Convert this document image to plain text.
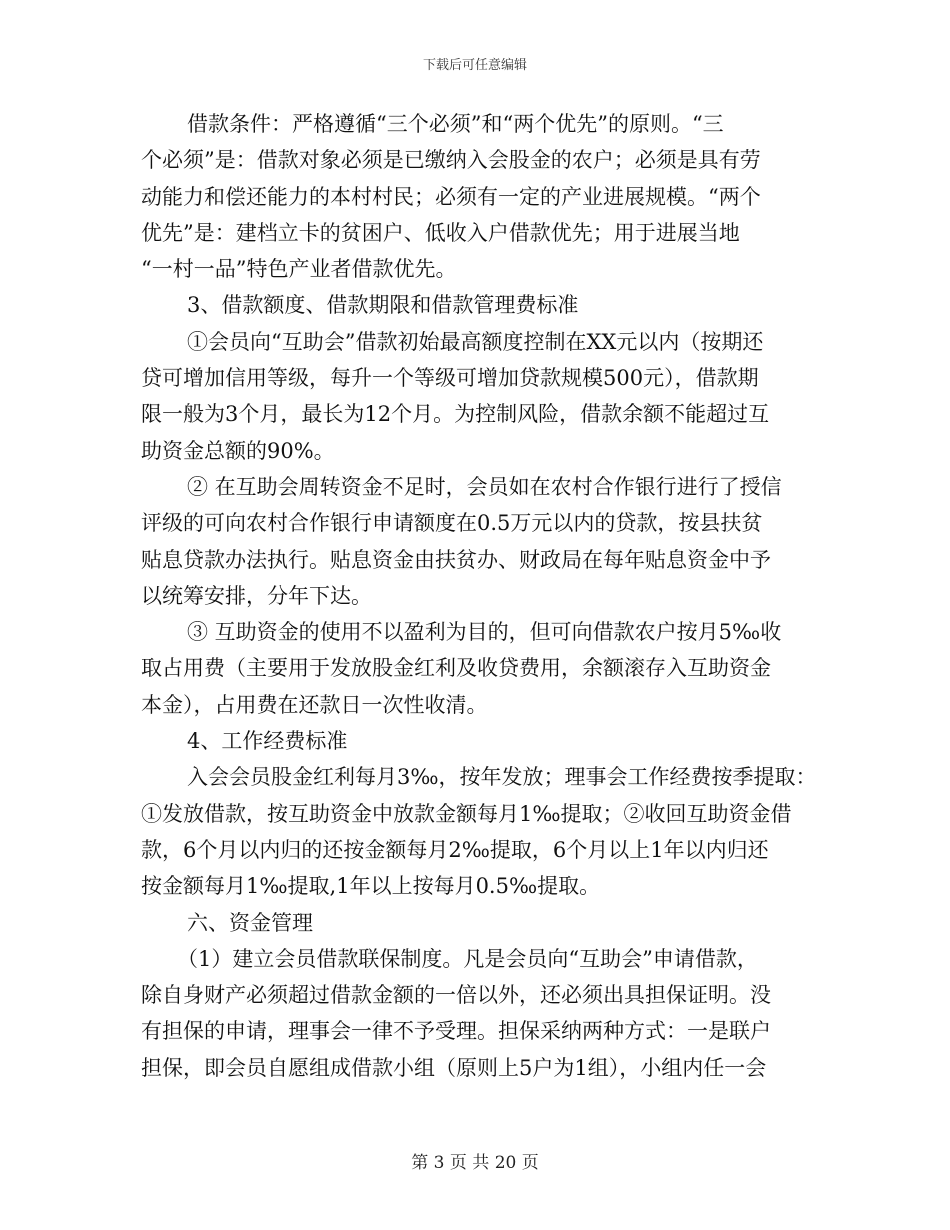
下载后可任意编辑
借款条件：严格遵循“三个必须”和“两个优先”的原则。“三
个必须”是：借款对象必须是已缴纳入会股金的农户；必须是具有劳
动能力和偿还能力的本村村民；必须有一定的产业进展规模。“两个
优先”是：建档立卡的贫困户、低收入户借款优先；用于进展当地
“一村一品”特色产业者借款优先。
3、借款额度、借款期限和借款管理费标准
①会员向“互助会”借款初始最高额度控制在XX元以内（按期还
贷可增加信用等级，每升一个等级可增加贷款规模500元），借款期
限一般为3个月，最长为12个月。为控制风险，借款余额不能超过互
助资金总额的90%。
② 在互助会周转资金不足时，会员如在农村合作银行进行了授信
评级的可向农村合作银行申请额度在0.5万元以内的贷款，按县扶贫
贴息贷款办法执行。贴息资金由扶贫办、财政局在每年贴息资金中予
以统筹安排，分年下达。
③ 互助资金的使用不以盈利为目的，但可向借款农户按月5‰收
取占用费（主要用于发放股金红利及收贷费用，余额滚存入互助资金
本金），占用费在还款日一次性收清。
4、工作经费标准
入会会员股金红利每月3‰，按年发放；理事会工作经费按季提取：
①发放借款，按互助资金中放款金额每月1‰提取；②收回互助资金借
款，6个月以内归的还按金额每月2‰提取，6个月以上1年以内归还
按金额每月1‰提取,1年以上按每月0.5‰提取。
六、资金管理
（1）建立会员借款联保制度。凡是会员向“互助会”申请借款，
除自身财产必须超过借款金额的一倍以外，还必须出具担保证明。没
有担保的申请，理事会一律不予受理。担保采纳两种方式：一是联户
担保，即会员自愿组成借款小组（原则上5户为1组），小组内任一会
第 3 页 共 20 页
